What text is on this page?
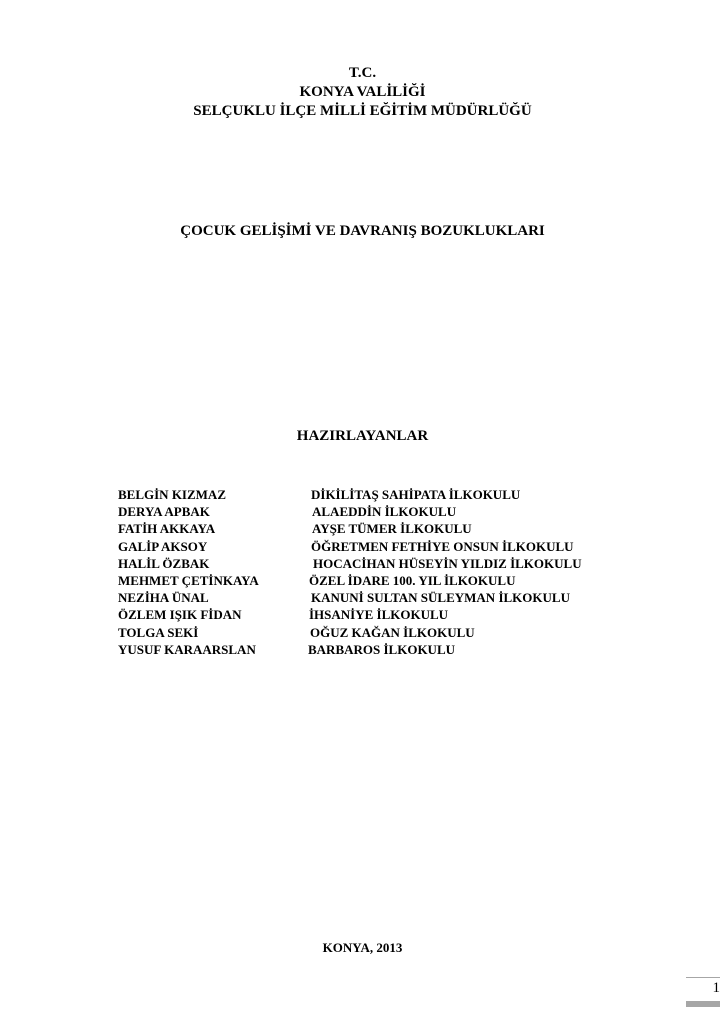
T.C.
KONYA VALİLİĞİ
SELÇUKLU İLÇE MİLLİ EĞİTİM MÜDÜRLÜĞÜ
ÇOCUK GELİŞİMİ VE DAVRANIŞ BOZUKLUKLARI
HAZIRLAYANLAR
BELGİN KIZMAZ	DİKİLİTAŞ SAHİPATA İLKOKULU
DERYA APBAK	ALAEDDİN İLKOKULU
FATİH AKKAYA	AYŞE TÜMER İLKOKULU
GALİP AKSOY	ÖĞRETMEN FETHİYE ONSUN İLKOKULU
HALİL ÖZBAK	HOCACİHAN HÜSEYİN YILDIZ İLKOKULU
MEHMET ÇETİNKAYA	ÖZEL İDARE 100. YIL İLKOKULU
NEZİHA ÜNAL	KANUNİ SULTAN SÜLEYMAN İLKOKULU
ÖZLEM IŞIK FİDAN	İHSANİYE İLKOKULU
TOLGA SEKİ	OĞUZ KAĞAN İLKOKULU
YUSUF KARAARSLAN	BARBAROS İLKOKULU
KONYA, 2013
1
